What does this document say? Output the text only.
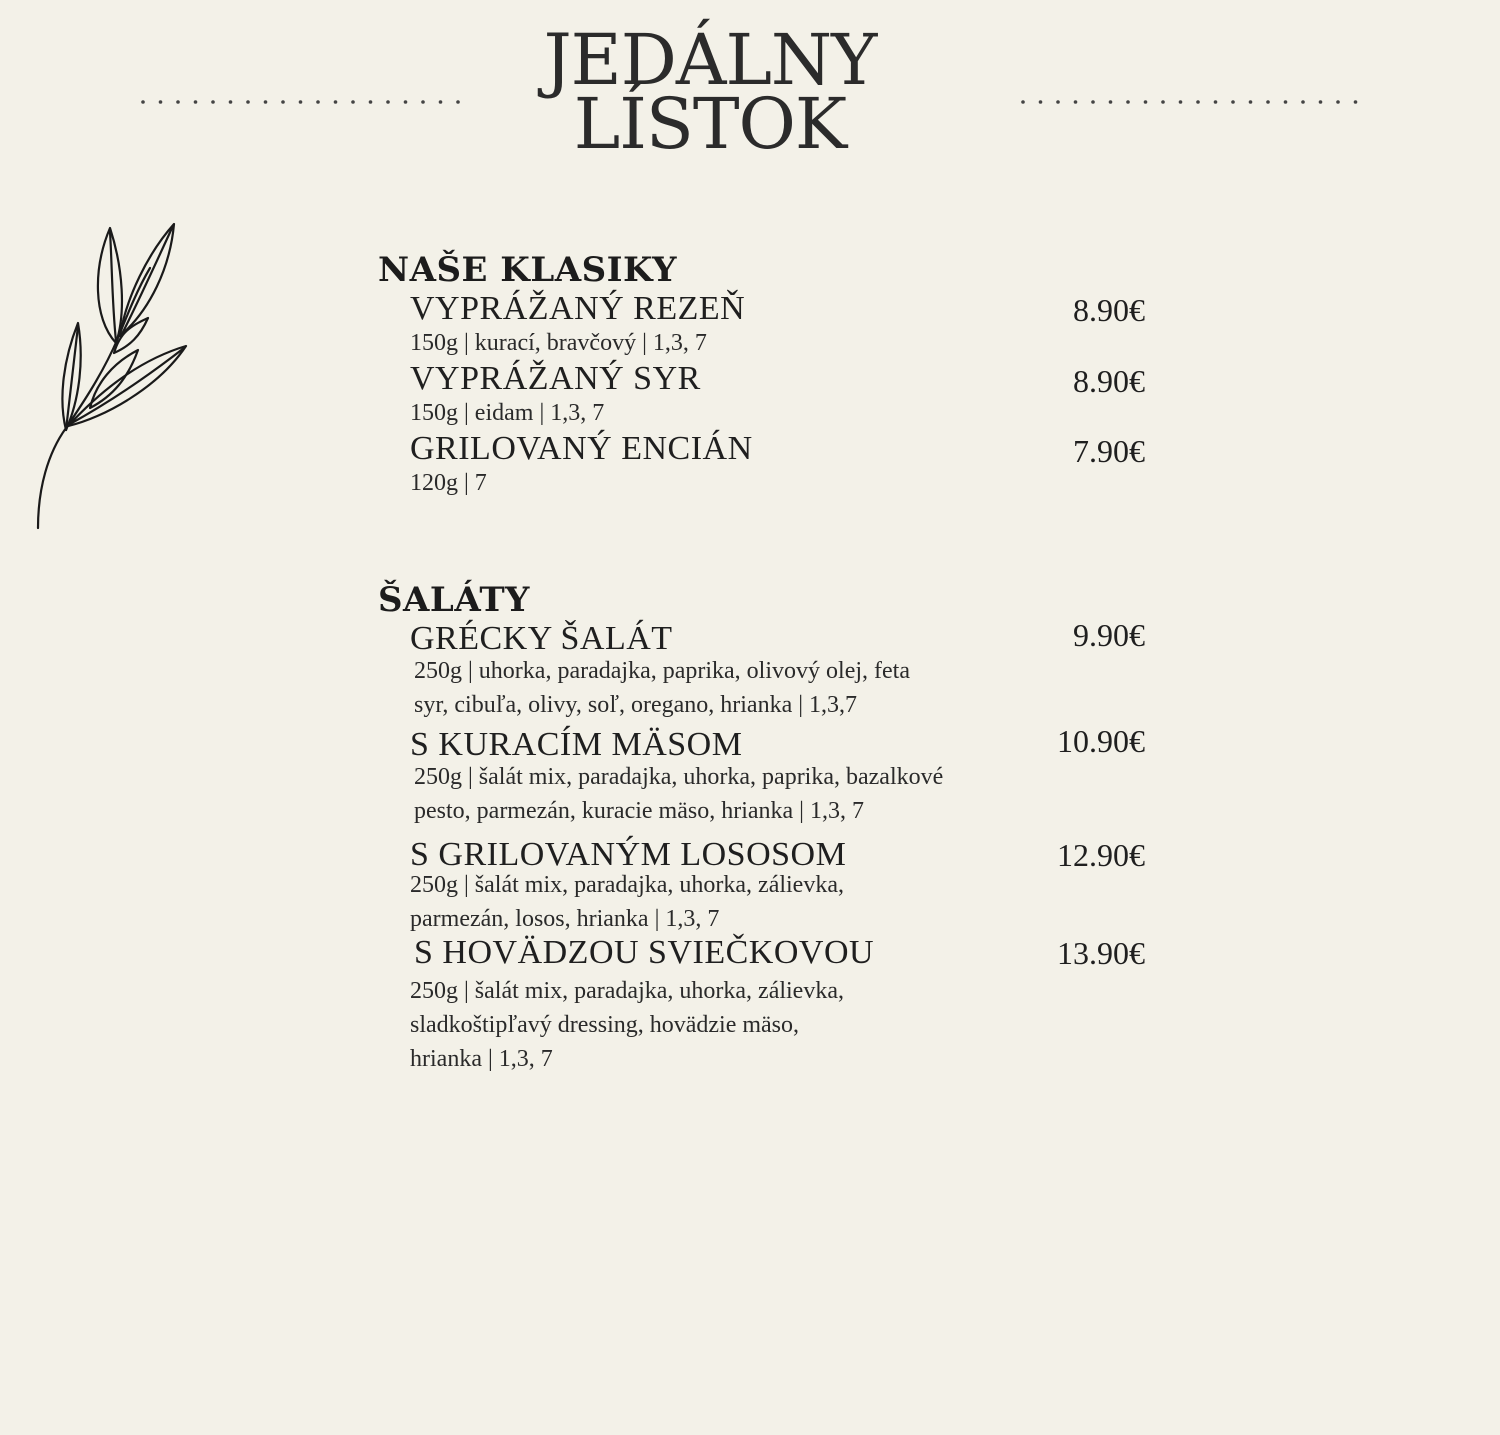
JEDÁLNY
LÍSTOK
NAŠE KLASIKY
VYPRÁŽANÝ REZEŇ	8.90€
150g | kurací, bravčový | 1,3, 7
VYPRÁŽANÝ SYR	8.90€
150g | eidam | 1,3, 7
GRILOVANÝ ENCIÁN	7.90€
120g | 7
ŠALÁTY
GRÉCKY ŠALÁT	9.90€
250g | uhorka, paradajka, paprika, olivový olej, feta
syr, cibuľa, olivy, soľ, oregano, hrianka | 1,3,7
S KURACÍM MÄSOM	10.90€
250g | šalát mix, paradajka, uhorka, paprika, bazalkové
pesto, parmezán, kuracie mäso, hrianka | 1,3, 7
S GRILOVANÝM LOSOSOM	12.90€
250g | šalát mix, paradajka, uhorka, zálievka,
parmezán, losos, hrianka | 1,3, 7
S HOVÄDZOU SVIEČKOVOU	13.90€
250g | šalát mix, paradajka, uhorka, zálievka,
sladkoštipľavý dressing, hovädzie mäso,
hrianka | 1,3, 7
